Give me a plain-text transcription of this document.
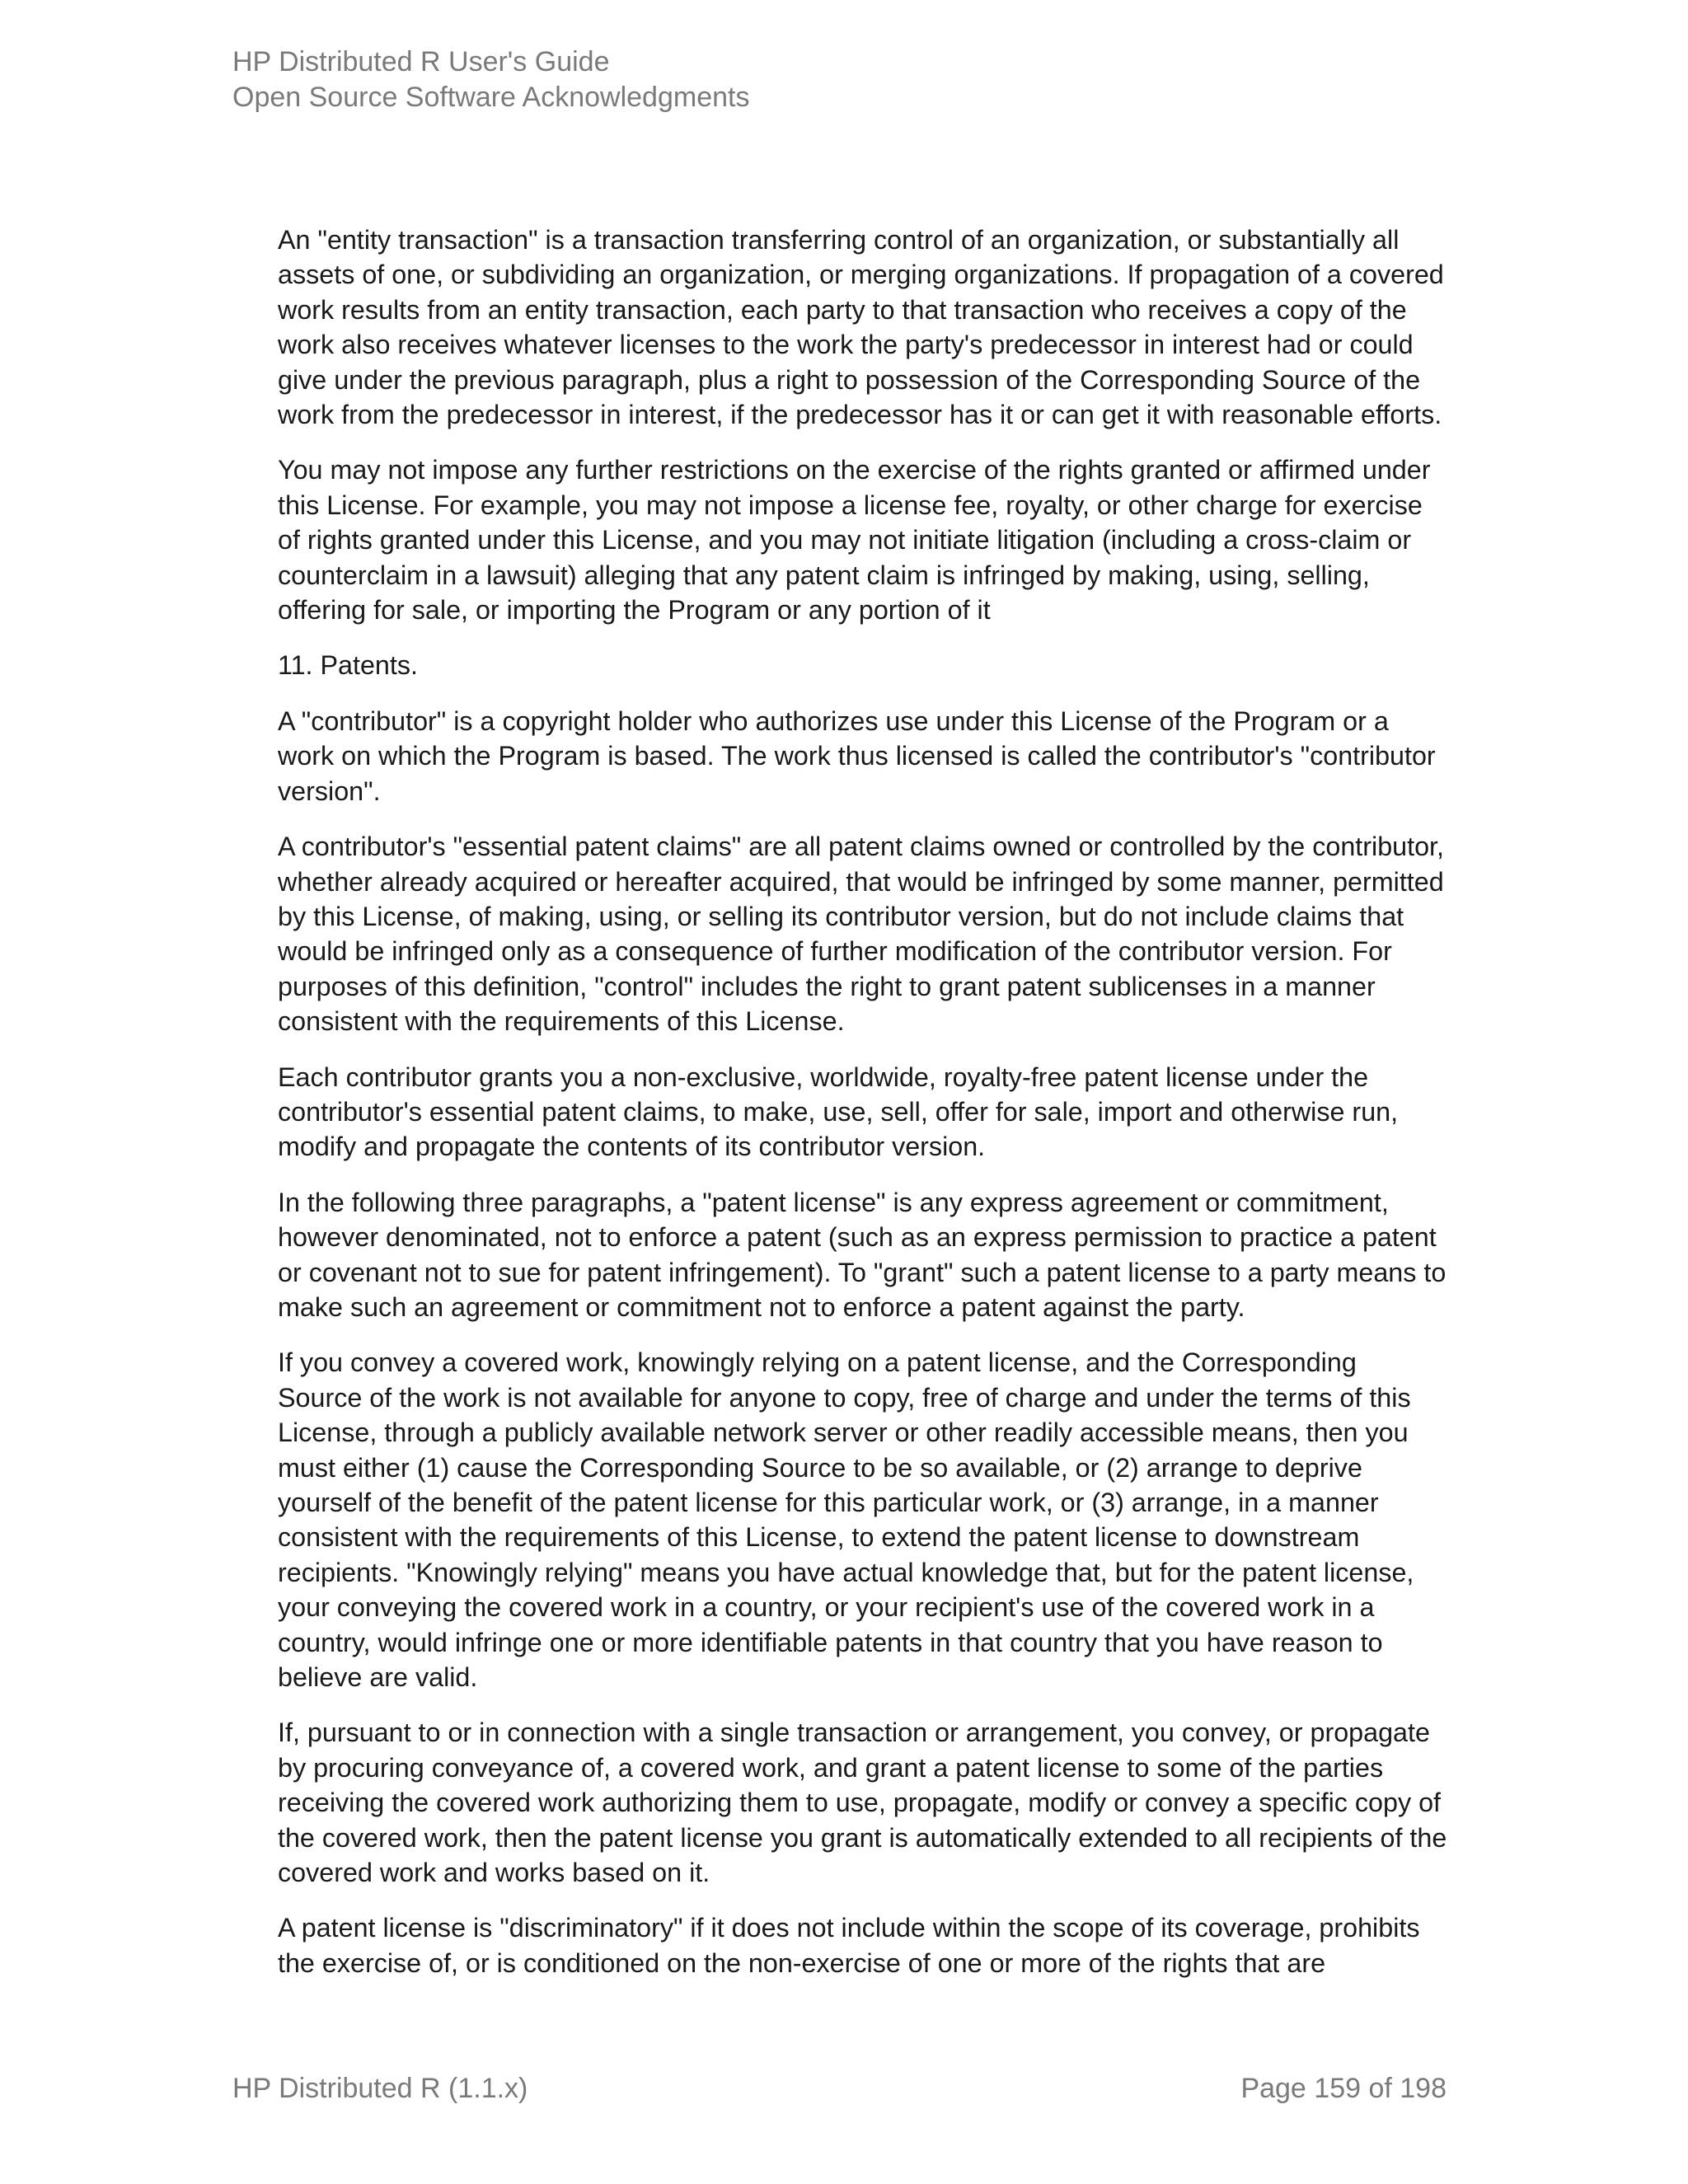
HP Distributed R User's Guide
Open Source Software Acknowledgments

An "entity transaction" is a transaction transferring control of an organization, or substantially all assets of one, or subdividing an organization, or merging organizations. If propagation of a covered work results from an entity transaction, each party to that transaction who receives a copy of the work also receives whatever licenses to the work the party's predecessor in interest had or could give under the previous paragraph, plus a right to possession of the Corresponding Source of the work from the predecessor in interest, if the predecessor has it or can get it with reasonable efforts.

You may not impose any further restrictions on the exercise of the rights granted or affirmed under this License. For example, you may not impose a license fee, royalty, or other charge for exercise of rights granted under this License, and you may not initiate litigation (including a cross-claim or counterclaim in a lawsuit) alleging that any patent claim is infringed by making, using, selling, offering for sale, or importing the Program or any portion of it

11. Patents.

A "contributor" is a copyright holder who authorizes use under this License of the Program or a work on which the Program is based. The work thus licensed is called the contributor's "contributor version".

A contributor's "essential patent claims" are all patent claims owned or controlled by the contributor, whether already acquired or hereafter acquired, that would be infringed by some manner, permitted by this License, of making, using, or selling its contributor version, but do not include claims that would be infringed only as a consequence of further modification of the contributor version. For purposes of this definition, "control" includes the right to grant patent sublicenses in a manner consistent with the requirements of this License.

Each contributor grants you a non-exclusive, worldwide, royalty-free patent license under the contributor's essential patent claims, to make, use, sell, offer for sale, import and otherwise run, modify and propagate the contents of its contributor version.

In the following three paragraphs, a "patent license" is any express agreement or commitment, however denominated, not to enforce a patent (such as an express permission to practice a patent or covenant not to sue for patent infringement). To "grant" such a patent license to a party means to make such an agreement or commitment not to enforce a patent against the party.

If you convey a covered work, knowingly relying on a patent license, and the Corresponding Source of the work is not available for anyone to copy, free of charge and under the terms of this License, through a publicly available network server or other readily accessible means, then you must either (1) cause the Corresponding Source to be so available, or (2) arrange to deprive yourself of the benefit of the patent license for this particular work, or (3) arrange, in a manner consistent with the requirements of this License, to extend the patent license to downstream recipients. "Knowingly relying" means you have actual knowledge that, but for the patent license, your conveying the covered work in a country, or your recipient's use of the covered work in a country, would infringe one or more identifiable patents in that country that you have reason to believe are valid.

If, pursuant to or in connection with a single transaction or arrangement, you convey, or propagate by procuring conveyance of, a covered work, and grant a patent license to some of the parties receiving the covered work authorizing them to use, propagate, modify or convey a specific copy of the covered work, then the patent license you grant is automatically extended to all recipients of the covered work and works based on it.

A patent license is "discriminatory" if it does not include within the scope of its coverage, prohibits the exercise of, or is conditioned on the non-exercise of one or more of the rights that are

HP Distributed R (1.1.x)	Page 159 of 198
